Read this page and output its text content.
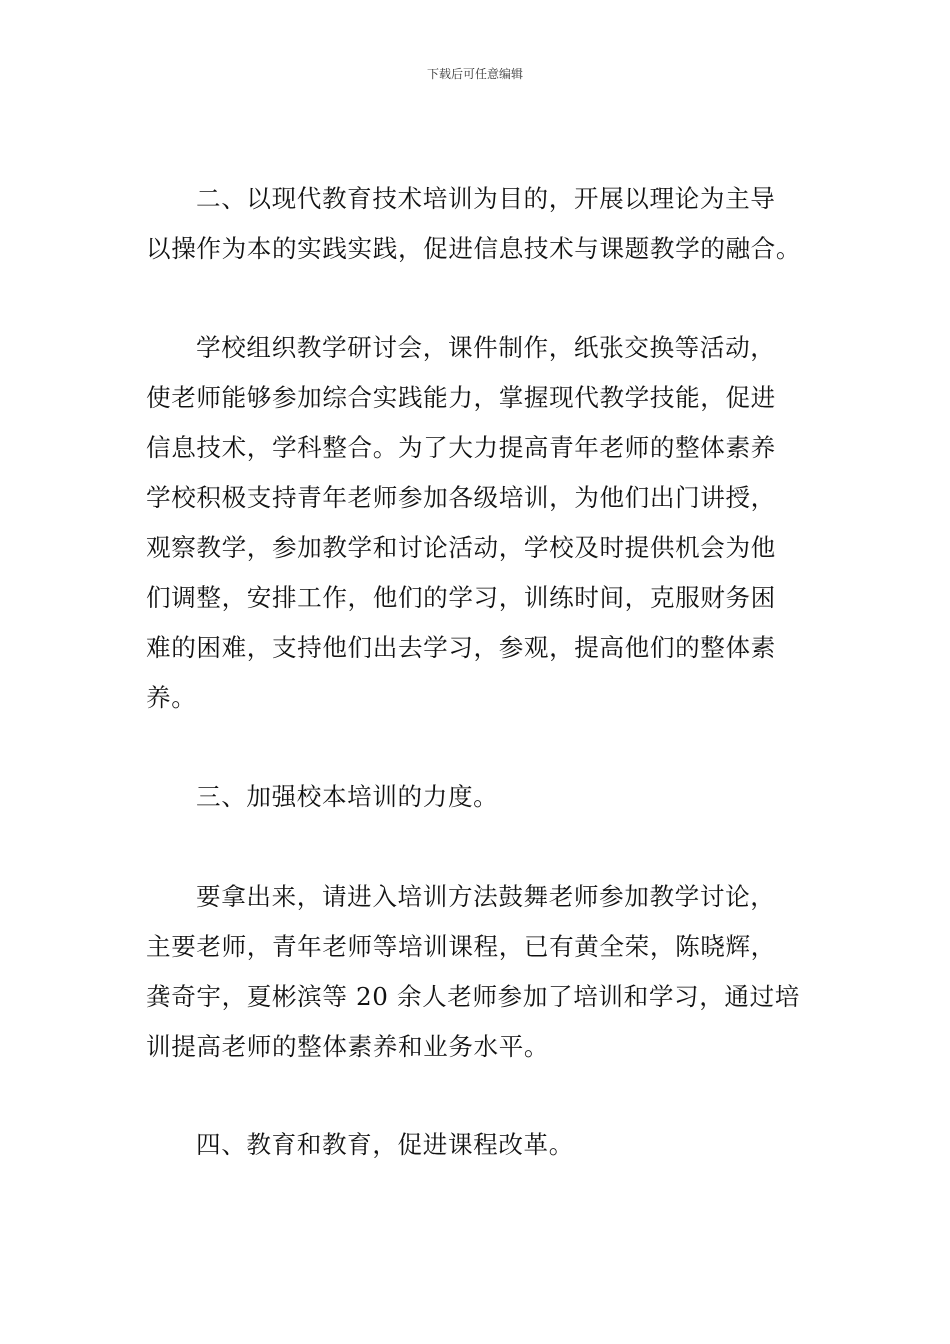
下载后可任意编辑

二、以现代教育技术培训为目的，开展以理论为主导
以操作为本的实践实践，促进信息技术与课题教学的融合。

学校组织教学研讨会，课件制作，纸张交换等活动，
使老师能够参加综合实践能力，掌握现代教学技能，促进
信息技术，学科整合。为了大力提高青年老师的整体素养
学校积极支持青年老师参加各级培训，为他们出门讲授，
观察教学，参加教学和讨论活动，学校及时提供机会为他
们调整，安排工作，他们的学习，训练时间，克服财务困
难的困难，支持他们出去学习，参观，提高他们的整体素
养。

三、加强校本培训的力度。

要拿出来，请进入培训方法鼓舞老师参加教学讨论，
主要老师，青年老师等培训课程，已有黄全荣，陈晓辉，
龚奇宇，夏彬滨等 20 余人老师参加了培训和学习，通过培
训提高老师的整体素养和业务水平。

四、教育和教育，促进课程改革。
